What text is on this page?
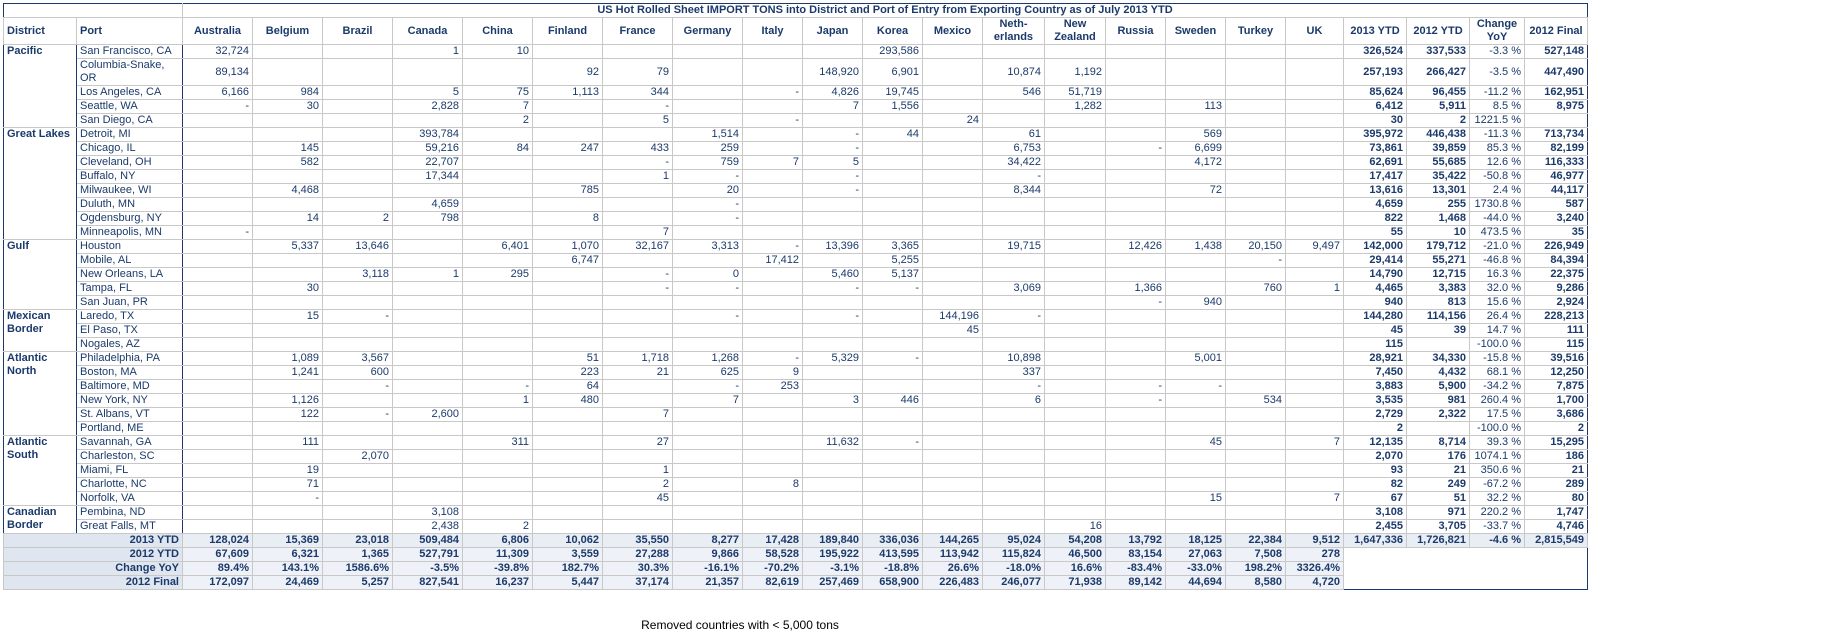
		US Hot Rolled Sheet IMPORT TONS into District and Port of Entry from Exporting Country as of July 2013 YTD																					
District	Port	Australia	Belgium	Brazil	Canada	China	Finland	France	Germany	Italy	Japan	Korea	Mexico	Neth-erlands	New Zealand	Russia	Sweden	Turkey	UK	2013 YTD	2012 YTD	Change YoY	2012 Final
Pacific	San Francisco, CA	32,724			1	10						293,586								326,524	337,533	-3.3 %	527,148
	Columbia-Snake, OR	89,134					92	79			148,920	6,901		10,874	1,192					257,193	266,427	-3.5 %	447,490
	Los Angeles, CA	6,166	984		5	75	1,113	344		-	4,826	19,745		546	51,719					85,624	96,455	-11.2 %	162,951
	Seattle, WA	-	30		2,828	7		-			7	1,556			1,282		113			6,412	5,911	8.5 %	8,975
	San Diego, CA					2		5		-			24							30	2	1221.5 %	
Great Lakes	Detroit, MI				393,784				1,514		-	44		61			569			395,972	446,438	-11.3 %	713,734
	Chicago, IL		145		59,216	84	247	433	259		-			6,753		-	6,699			73,861	39,859	85.3 %	82,199
	Cleveland, OH		582		22,707			-	759	7	5			34,422			4,172			62,691	55,685	12.6 %	116,333
	Buffalo, NY				17,344			1	-		-			-						17,417	35,422	-50.8 %	46,977
	Milwaukee, WI		4,468				785		20		-			8,344			72			13,616	13,301	2.4 %	44,117
	Duluth, MN				4,659				-											4,659	255	1730.8 %	587
	Ogdensburg, NY		14	2	798		8		-											822	1,468	-44.0 %	3,240
	Minneapolis, MN	-						7												55	10	473.5 %	35
Gulf	Houston		5,337	13,646		6,401	1,070	32,167	3,313	-	13,396	3,365		19,715		12,426	1,438	20,150	9,497	142,000	179,712	-21.0 %	226,949
	Mobile, AL						6,747			17,412		5,255						-		29,414	55,271	-46.8 %	84,394
	New Orleans, LA			3,118	1	295		-	0		5,460	5,137								14,790	12,715	16.3 %	22,375
	Tampa, FL		30					-	-		-	-		3,069		1,366		760	1	4,465	3,383	32.0 %	9,286
	San Juan, PR															-	940			940	813	15.6 %	2,924
Mexican Border	Laredo, TX		15	-					-		-		144,196	-						144,280	114,156	26.4 %	228,213
	El Paso, TX												45							45	39	14.7 %	111
	Nogales, AZ																			115		-100.0 %	115
Atlantic North	Philadelphia, PA		1,089	3,567			51	1,718	1,268	-	5,329	-		10,898			5,001			28,921	34,330	-15.8 %	39,516
	Boston, MA		1,241	600			223	21	625	9				337						7,450	4,432	68.1 %	12,250
	Baltimore, MD			-		-	64		-	253				-		-	-			3,883	5,900	-34.2 %	7,875
	New York, NY		1,126			1	480		7		3	446		6		-		534		3,535	981	260.4 %	1,700
	St. Albans, VT		122	-	2,600			7												2,729	2,322	17.5 %	3,686
	Portland, ME																			2		-100.0 %	2
Atlantic South	Savannah, GA		111			311		27			11,632	-					45		7	12,135	8,714	39.3 %	15,295
	Charleston, SC			2,070																2,070	176	1074.1 %	186
	Miami, FL		19					1												93	21	350.6 %	21
	Charlotte, NC		71					2		8										82	249	-67.2 %	289
	Norfolk, VA		-					45									15		7	67	51	32.2 %	80
Canadian Border	Pembina, ND				3,108															3,108	971	220.2 %	1,747
	Great Falls, MT				2,438	2									16					2,455	3,705	-33.7 %	4,746
2013 YTD		128,024	15,369	23,018	509,484	6,806	10,062	35,550	8,277	17,428	189,840	336,036	144,265	95,024	54,208	13,792	18,125	22,384	9,512	1,647,336	1,726,821	-4.6 %	2,815,549
2012 YTD		67,609	6,321	1,365	527,791	11,309	3,559	27,288	9,866	58,528	195,922	413,595	113,942	115,824	46,500	83,154	27,063	7,508	278				
Change YoY		89.4%	143.1%	1586.6%	-3.5%	-39.8%	182.7%	30.3%	-16.1%	-70.2%	-3.1%	-18.8%	26.6%	-18.0%	16.6%	-83.4%	-33.0%	198.2%	3326.4%				
2012 Final		172,097	24,469	5,257	827,541	16,237	5,447	37,174	21,357	82,619	257,469	658,900	226,483	246,077	71,938	89,142	44,694	8,580	4,720				
Removed countries with < 5,000 tons
